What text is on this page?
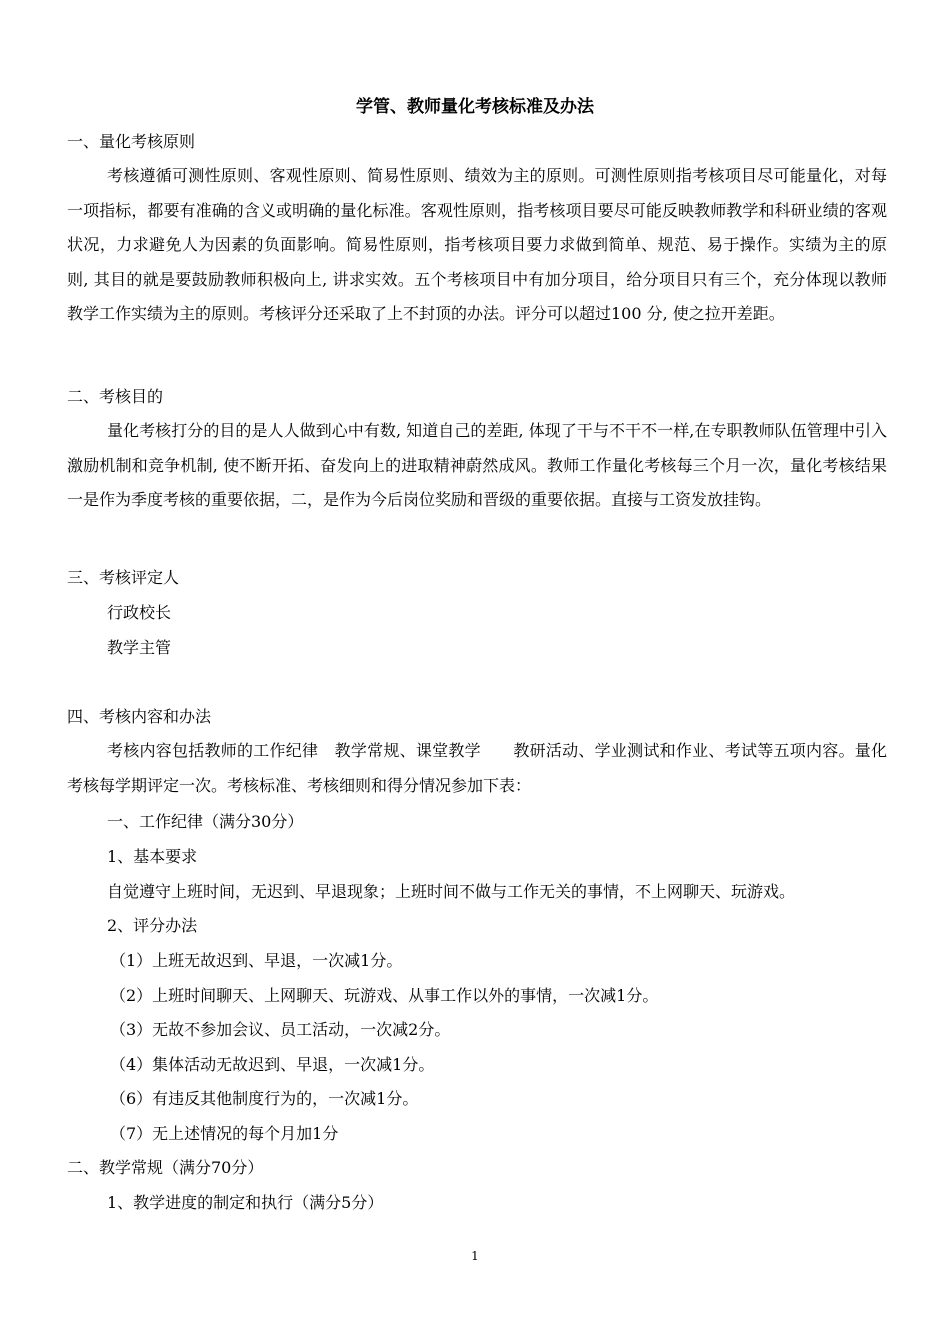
学管、教师量化考核标准及办法
一、量化考核原则
考核遵循可测性原则、客观性原则、简易性原则、绩效为主的原则。可测性原则指考核项目尽可能量化，对每一项指标，都要有准确的含义或明确的量化标准。客观性原则，指考核项目要尽可能反映教师教学和科研业绩的客观状况，力求避免人为因素的负面影响。简易性原则，指考核项目要力求做到简单、规范、易于操作。实绩为主的原则, 其目的就是要鼓励教师积极向上, 讲求实效。五个考核项目中有加分项目，给分项目只有三个，充分体现以教师教学工作实绩为主的原则。考核评分还采取了上不封顶的办法。评分可以超过100 分, 使之拉开差距。
二、考核目的
量化考核打分的目的是人人做到心中有数, 知道自己的差距, 体现了干与不干不一样,在专职教师队伍管理中引入激励机制和竞争机制, 使不断开拓、奋发向上的进取精神蔚然成风。教师工作量化考核每三个月一次，量化考核结果 一是作为季度考核的重要依据，二，是作为今后岗位奖励和晋级的重要依据。直接与工资发放挂钩。
三、考核评定人
行政校长
教学主管
四、考核内容和办法
考核内容包括教师的工作纪律　教学常规、课堂教学　　教研活动、学业测试和作业、考试等五项内容。量化考核每学期评定一次。考核标准、考核细则和得分情况参加下表：
一、工作纪律（满分30分）
1、基本要求
自觉遵守上班时间，无迟到、早退现象；上班时间不做与工作无关的事情，不上网聊天、玩游戏。
2、评分办法
（1）上班无故迟到、早退，一次减1分。
（2）上班时间聊天、上网聊天、玩游戏、从事工作以外的事情，一次减1分。
（3）无故不参加会议、员工活动，一次减2分。
（4）集体活动无故迟到、早退，一次减1分。
（6）有违反其他制度行为的，一次减1分。
（7）无上述情况的每个月加1分
二、教学常规（满分70分）
1、教学进度的制定和执行（满分5分）
1
